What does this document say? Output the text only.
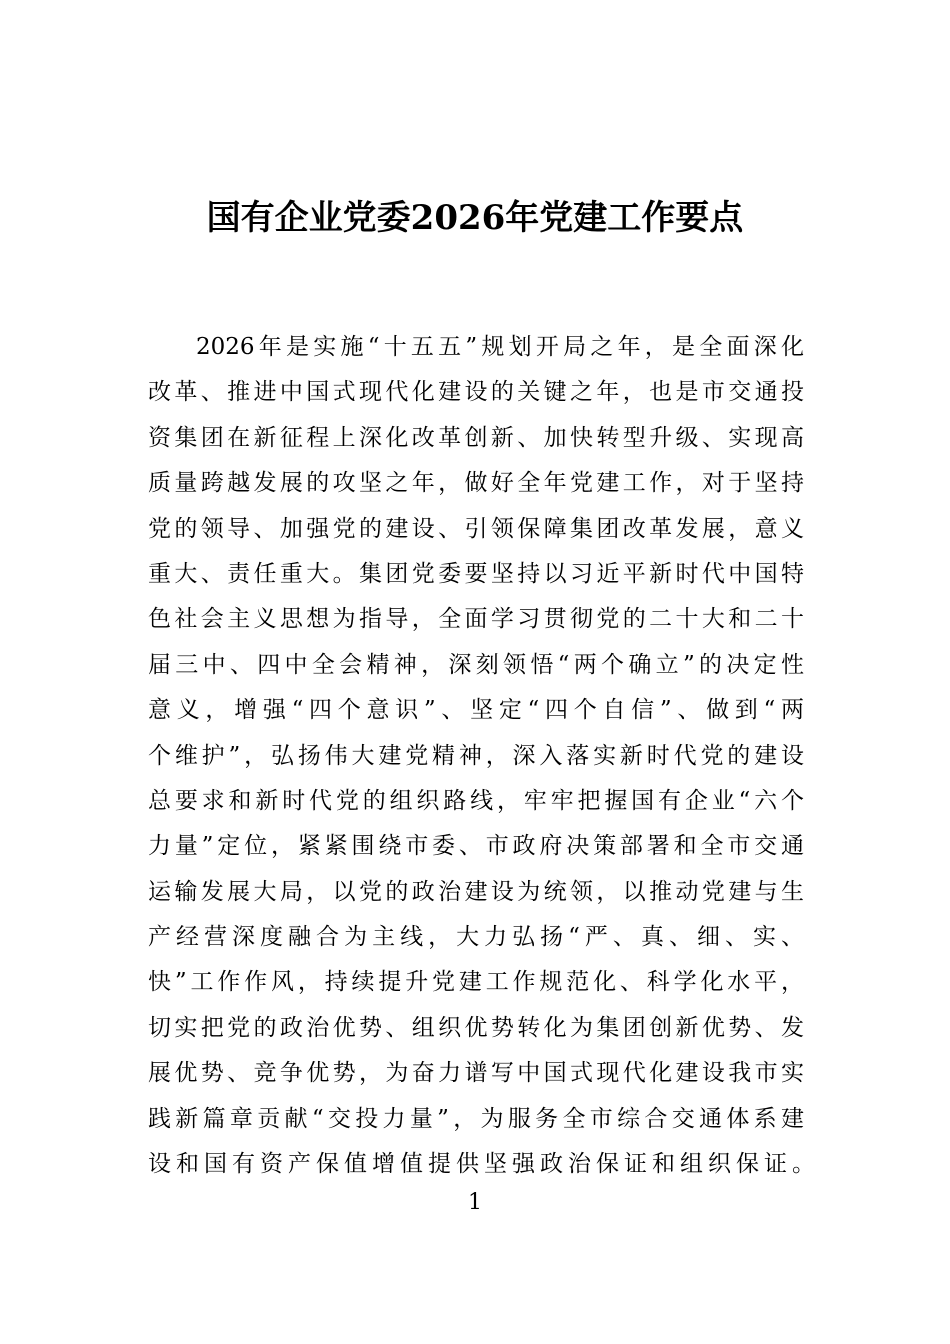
国有企业党委2026年党建工作要点
2026年是实施“十五五”规划开局之年，是全面深化
改革、推进中国式现代化建设的关键之年，也是市交通投
资集团在新征程上深化改革创新、加快转型升级、实现高
质量跨越发展的攻坚之年，做好全年党建工作，对于坚持
党的领导、加强党的建设、引领保障集团改革发展，意义
重大、责任重大。集团党委要坚持以习近平新时代中国特
色社会主义思想为指导，全面学习贯彻党的二十大和二十
届三中、四中全会精神，深刻领悟“两个确立”的决定性
意义，增强“四个意识”、坚定“四个自信”、做到“两
个维护”，弘扬伟大建党精神，深入落实新时代党的建设
总要求和新时代党的组织路线，牢牢把握国有企业“六个
力量”定位，紧紧围绕市委、市政府决策部署和全市交通
运输发展大局，以党的政治建设为统领，以推动党建与生
产经营深度融合为主线，大力弘扬“严、真、细、实、
快”工作作风，持续提升党建工作规范化、科学化水平，
切实把党的政治优势、组织优势转化为集团创新优势、发
展优势、竞争优势，为奋力谱写中国式现代化建设我市实
践新篇章贡献“交投力量”，为服务全市综合交通体系建
设和国有资产保值增值提供坚强政治保证和组织保证。
1
